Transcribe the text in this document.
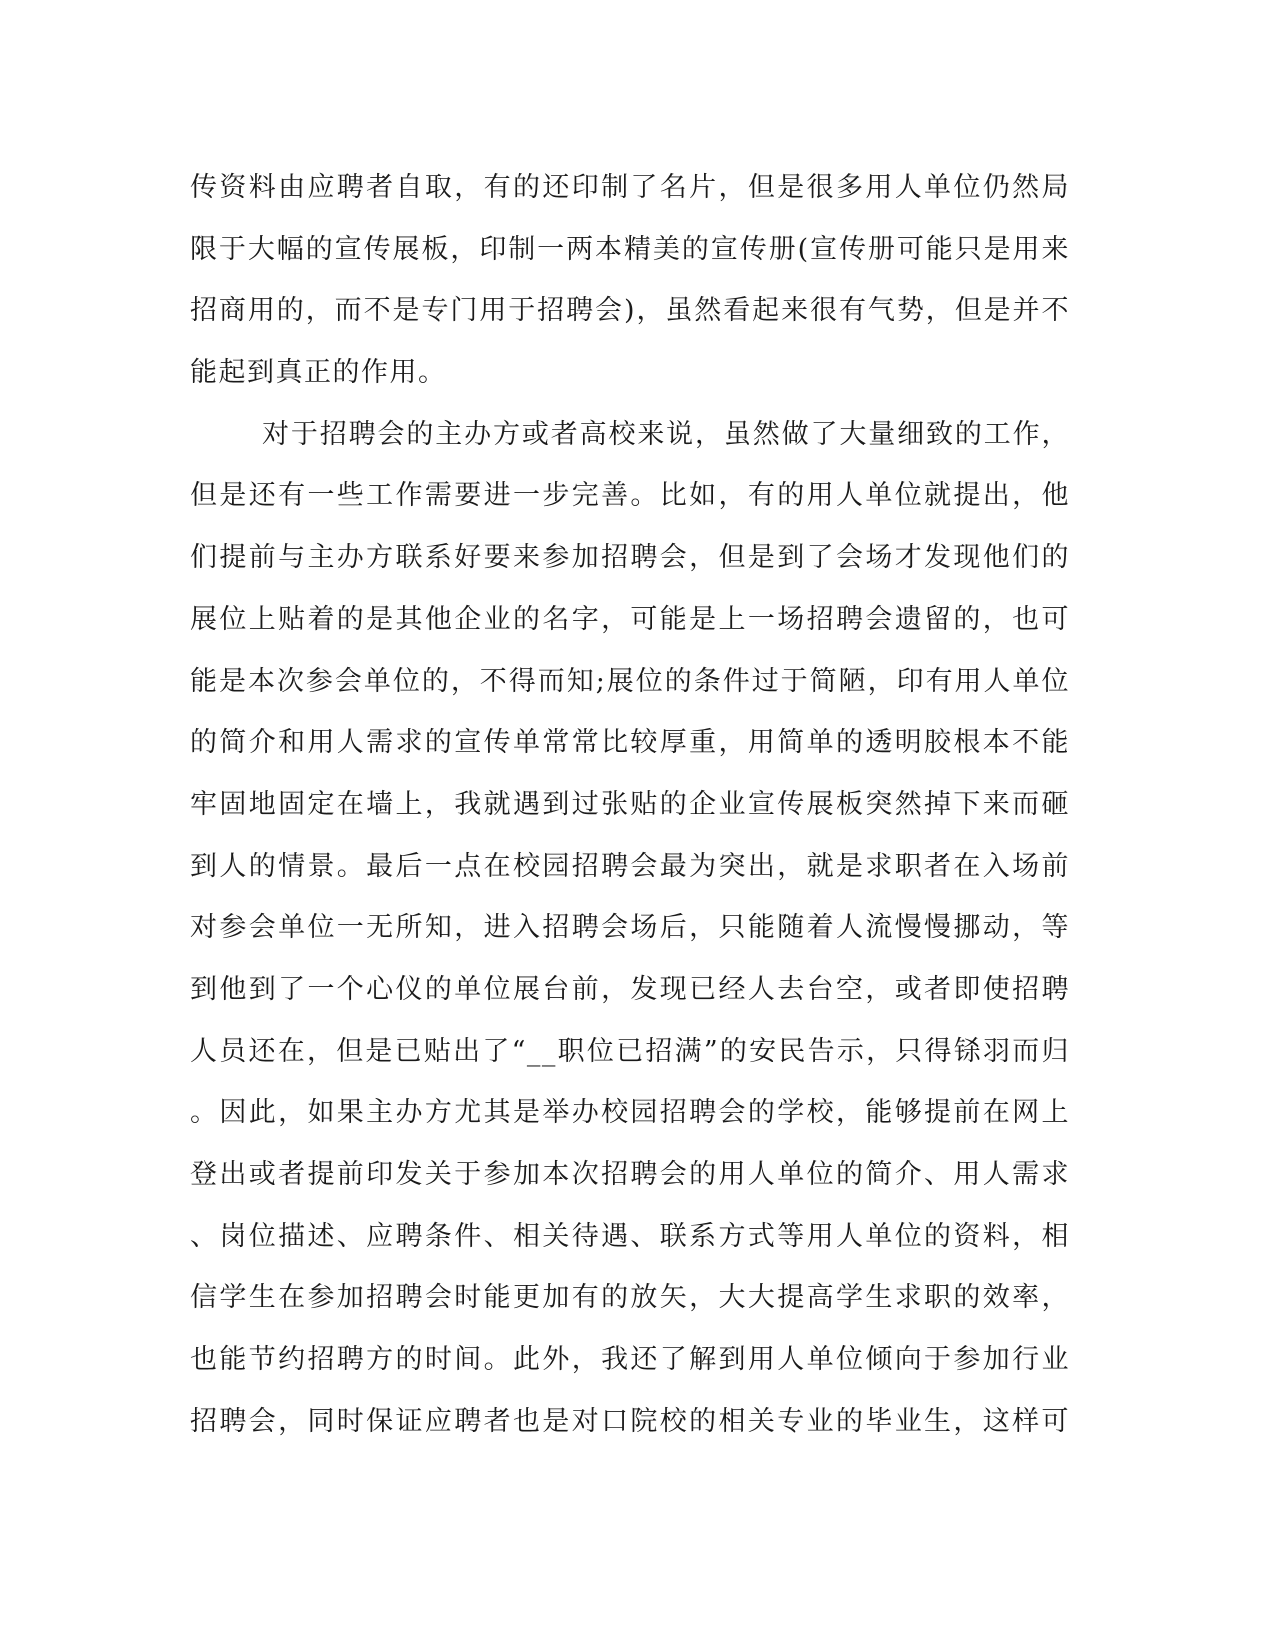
传资料由应聘者自取，有的还印制了名片，但是很多用人单位仍然局
限于大幅的宣传展板，印制一两本精美的宣传册(宣传册可能只是用来
招商用的，而不是专门用于招聘会)，虽然看起来很有气势，但是并不
能起到真正的作用。
对于招聘会的主办方或者高校来说，虽然做了大量细致的工作，
但是还有一些工作需要进一步完善。比如，有的用人单位就提出，他
们提前与主办方联系好要来参加招聘会，但是到了会场才发现他们的
展位上贴着的是其他企业的名字，可能是上一场招聘会遗留的，也可
能是本次参会单位的，不得而知;展位的条件过于简陋，印有用人单位
的简介和用人需求的宣传单常常比较厚重，用简单的透明胶根本不能
牢固地固定在墙上，我就遇到过张贴的企业宣传展板突然掉下来而砸
到人的情景。最后一点在校园招聘会最为突出，就是求职者在入场前
对参会单位一无所知，进入招聘会场后，只能随着人流慢慢挪动，等
到他到了一个心仪的单位展台前，发现已经人去台空，或者即使招聘
人员还在，但是已贴出了“__职位已招满”的安民告示，只得铩羽而归
。因此，如果主办方尤其是举办校园招聘会的学校，能够提前在网上
登出或者提前印发关于参加本次招聘会的用人单位的简介、用人需求
、岗位描述、应聘条件、相关待遇、联系方式等用人单位的资料，相
信学生在参加招聘会时能更加有的放矢，大大提高学生求职的效率，
也能节约招聘方的时间。此外，我还了解到用人单位倾向于参加行业
招聘会，同时保证应聘者也是对口院校的相关专业的毕业生，这样可
